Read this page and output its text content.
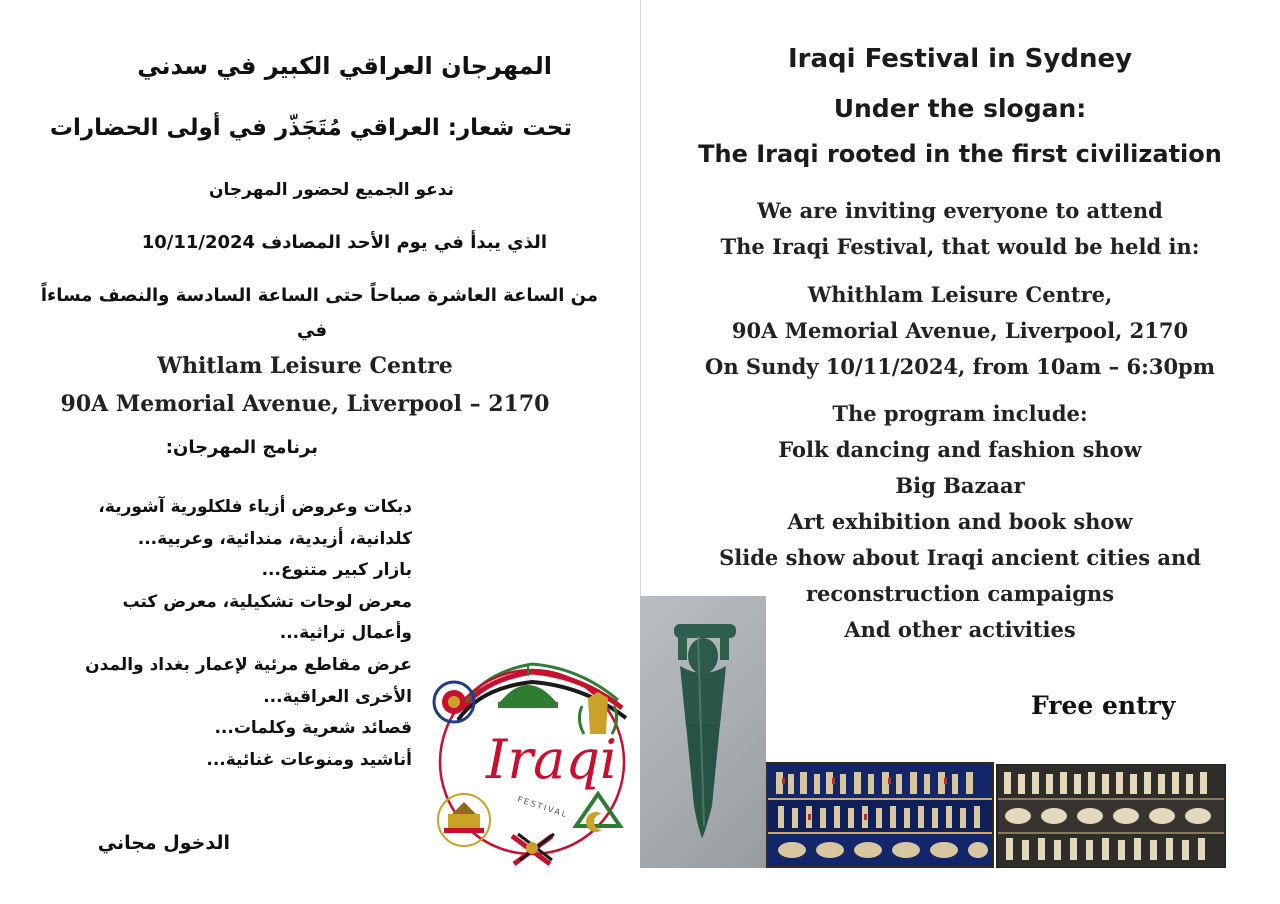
المهرجان العراقي الكبير في سدني
تحت شعار: العراقي مُتَجَذّر في أولى الحضارات
ندعو الجميع لحضور المهرجان
الذي يبدأ في يوم الأحد المصادف 10/11/2024
من الساعة العاشرة صباحاً حتى الساعة السادسة والنصف مساءاً
في
Whitlam Leisure Centre
90A Memorial Avenue, Liverpool – 2170
برنامج المهرجان:
دبكات وعروض أزياء فلكلورية آشورية،
كلدانية، أزيدية، مندائية، وعربية...
بازار كبير متنوع...
معرض لوحات تشكيلية، معرض كتب
وأعمال تراثية...
عرض مقاطع مرئية لإعمار بغداد والمدن
الأخرى العراقية...
قصائد شعرية وكلمات...
أناشيد ومنوعات غنائية...
الدخول مجاني
Iraqi
FESTIVAL
Iraqi Festival in Sydney
Under the slogan:
The Iraqi rooted in the first civilization
We are inviting everyone to attend
The Iraqi Festival, that would be held in:
Whithlam Leisure Centre,
90A Memorial Avenue, Liverpool, 2170
On Sundy 10/11/2024, from 10am – 6:30pm
The program include:
Folk dancing and fashion show
Big Bazaar
Art exhibition and book show
Slide show about Iraqi ancient cities and
reconstruction campaigns
And other activities
Free entry
